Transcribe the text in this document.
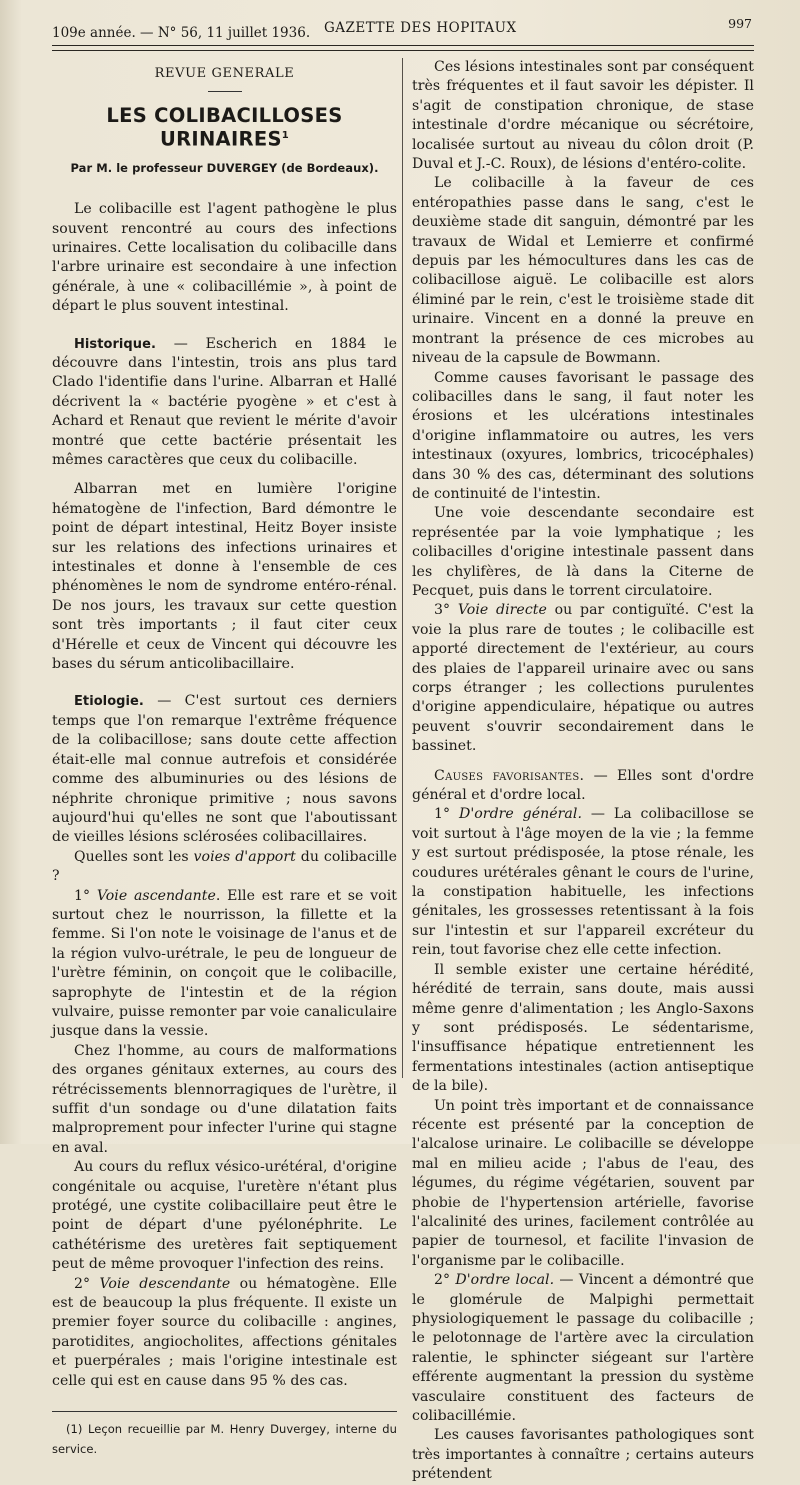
109e année. — N° 56, 11 juillet 1936. GAZETTE DES HOPITAUX	997

REVUE GENERALE

LES COLIBACILLOSES URINAIRES$^1$

Par M. le professeur DUVERGEY (de Bordeaux).

Le colibacille est l'agent pathogène le plus souvent rencontré au cours des infections urinaires. Cette localisation du colibacille dans l'arbre urinaire est secondaire à une infection générale, à une « colibacillémie », à point de départ le plus souvent intestinal.

Historique. — Escherich en 1884 le découvre dans l'intestin, trois ans plus tard Clado l'identifie dans l'urine. Albarran et Hallé décrivent la « bactérie pyogène » et c'est à Achard et Renaut que revient le mérite d'avoir montré que cette bactérie présentait les mêmes caractères que ceux du colibacille.

Albarran met en lumière l'origine hématogène de l'infection, Bard démontre le point de départ intestinal, Heitz Boyer insiste sur les relations des infections urinaires et intestinales et donne à l'ensemble de ces phénomènes le nom de syndrome entéro-rénal. De nos jours, les travaux sur cette question sont très importants ; il faut citer ceux d'Hérelle et ceux de Vincent qui découvre les bases du sérum anticolibacillaire.

Etiologie. — C'est surtout ces derniers temps que l'on remarque l'extrême fréquence de la colibacillose; sans doute cette affection était-elle mal connue autrefois et considérée comme des albuminuries ou des lésions de néphrite chronique primitive ; nous savons aujourd'hui qu'elles ne sont que l'aboutissant de vieilles lésions sclérosées colibacillaires.

Quelles sont les voies d'apport du colibacille ?

1° Voie ascendante. Elle est rare et se voit surtout chez le nourrisson, la fillette et la femme. Si l'on note le voisinage de l'anus et de la région vulvo-urétrale, le peu de longueur de l'urètre féminin, on conçoit que le colibacille, saprophyte de l'intestin et de la région vulvaire, puisse remonter par voie canaliculaire jusque dans la vessie.

Chez l'homme, au cours de malformations des organes génitaux externes, au cours des rétrécissements blennorragiques de l'urètre, il suffit d'un sondage ou d'une dilatation faits malproprement pour infecter l'urine qui stagne en aval.

Au cours du reflux vésico-urétéral, d'origine congénitale ou acquise, l'uretère n'étant plus protégé, une cystite colibacillaire peut être le point de départ d'une pyélonéphrite. Le cathétérisme des uretères fait septiquement peut de même provoquer l'infection des reins.

2° Voie descendante ou hématogène. Elle est de beaucoup la plus fréquente. Il existe un premier foyer source du colibacille : angines, parotidites, angiocholites, affections génitales et puerpérales ; mais l'origine intestinale est celle qui est en cause dans 95 % des cas.

(1) Leçon recueillie par M. Henry Duvergey, interne du service.

Ces lésions intestinales sont par conséquent très fréquentes et il faut savoir les dépister. Il s'agit de constipation chronique, de stase intestinale d'ordre mécanique ou sécrétoire, localisée surtout au niveau du côlon droit (P. Duval et J.-C. Roux), de lésions d'entéro-colite.

Le colibacille à la faveur de ces entéropathies passe dans le sang, c'est le deuxième stade dit sanguin, démontré par les travaux de Widal et Lemierre et confirmé depuis par les hémocultures dans les cas de colibacillose aiguë. Le colibacille est alors éliminé par le rein, c'est le troisième stade dit urinaire. Vincent en a donné la preuve en montrant la présence de ces microbes au niveau de la capsule de Bowmann.

Comme causes favorisant le passage des colibacilles dans le sang, il faut noter les érosions et les ulcérations intestinales d'origine inflammatoire ou autres, les vers intestinaux (oxyures, lombrics, tricocéphales) dans 30 % des cas, déterminant des solutions de continuité de l'intestin.

Une voie descendante secondaire est représentée par la voie lymphatique ; les colibacilles d'origine intestinale passent dans les chylifères, de là dans la Citerne de Pecquet, puis dans le torrent circulatoire.

3° Voie directe ou par contiguïté. C'est la voie la plus rare de toutes ; le colibacille est apporté directement de l'extérieur, au cours des plaies de l'appareil urinaire avec ou sans corps étranger ; les collections purulentes d'origine appendiculaire, hépatique ou autres peuvent s'ouvrir secondairement dans le bassinet.

Causes favorisantes. — Elles sont d'ordre général et d'ordre local.

1° D'ordre général. — La colibacillose se voit surtout à l'âge moyen de la vie ; la femme y est surtout prédisposée, la ptose rénale, les coudures urétérales gênant le cours de l'urine, la constipation habituelle, les infections génitales, les grossesses retentissant à la fois sur l'intestin et sur l'appareil excréteur du rein, tout favorise chez elle cette infection.

Il semble exister une certaine hérédité, hérédité de terrain, sans doute, mais aussi même genre d'alimentation ; les Anglo-Saxons y sont prédisposés. Le sédentarisme, l'insuffisance hépatique entretiennent les fermentations intestinales (action antiseptique de la bile).

Un point très important et de connaissance récente est présenté par la conception de l'alcalose urinaire. Le colibacille se développe mal en milieu acide ; l'abus de l'eau, des légumes, du régime végétarien, souvent par phobie de l'hypertension artérielle, favorise l'alcalinité des urines, facilement contrôlée au papier de tournesol, et facilite l'invasion de l'organisme par le colibacille.

2° D'ordre local. — Vincent a démontré que le glomérule de Malpighi permettait physiologiquement le passage du colibacille ; le pelotonnage de l'artère avec la circulation ralentie, le sphincter siégeant sur l'artère efférente augmentant la pression du système vasculaire constituent des facteurs de colibacillémie.

Les causes favorisantes pathologiques sont très importantes à connaître ; certains auteurs prétendent
